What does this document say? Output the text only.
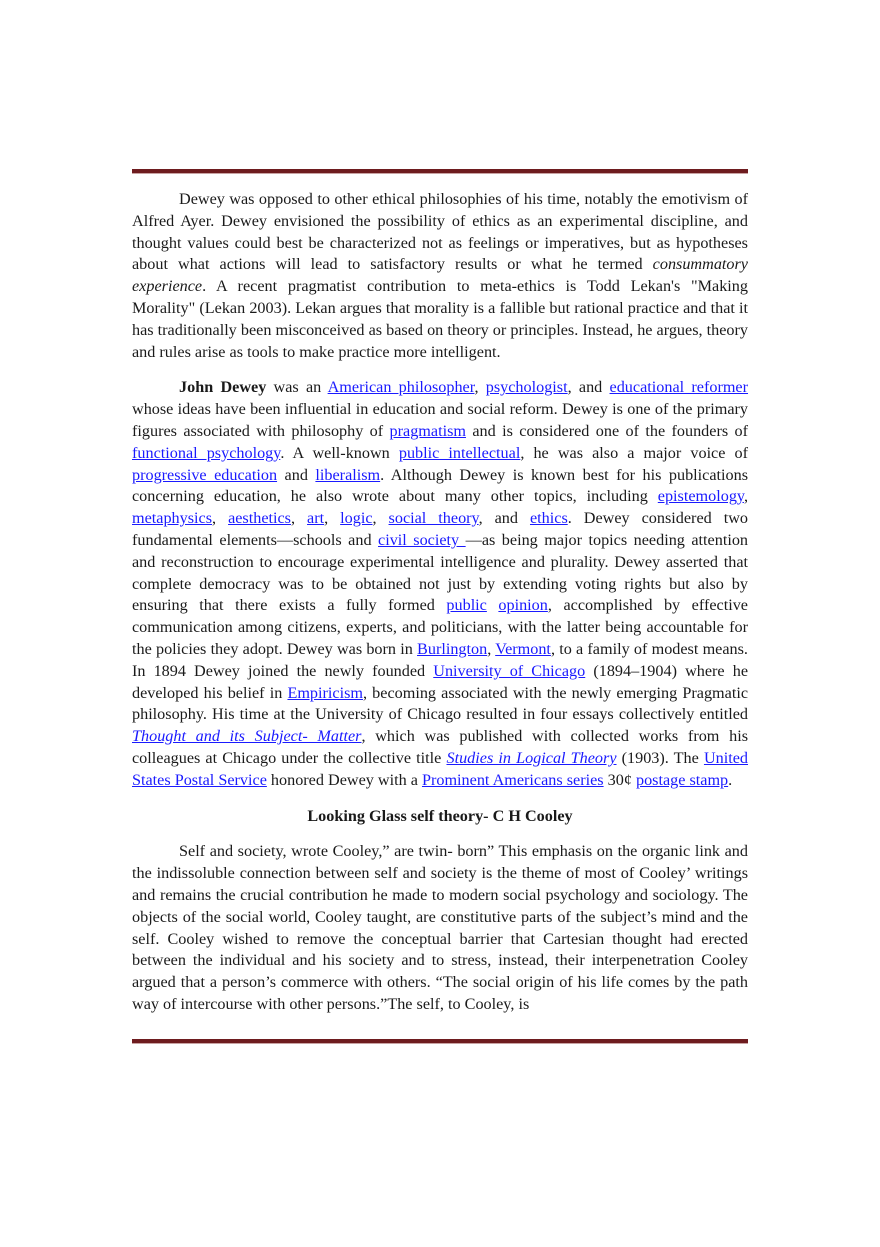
Dewey was opposed to other ethical philosophies of his time, notably the emotivism of Alfred Ayer. Dewey envisioned the possibility of ethics as an experimental discipline, and thought values could best be characterized not as feelings or imperatives, but as hypotheses about what actions will lead to satisfactory results or what he termed consummatory experience. A recent pragmatist contribution to meta-ethics is Todd Lekan's "Making Morality" (Lekan 2003). Lekan argues that morality is a fallible but rational practice and that it has traditionally been misconceived as based on theory or principles. Instead, he argues, theory and rules arise as tools to make practice more intelligent.

John Dewey was an American philosopher, psychologist, and educational reformer whose ideas have been influential in education and social reform. Dewey is one of the primary figures associated with philosophy of pragmatism and is considered one of the founders of functional psychology. A well-known public intellectual, he was also a major voice of progressive education and liberalism. Although Dewey is known best for his publications concerning education, he also wrote about many other topics, including epistemology, metaphysics, aesthetics, art, logic, social theory, and ethics. Dewey considered two fundamental elements—schools and civil society —as being major topics needing attention and reconstruction to encourage experimental intelligence and plurality. Dewey asserted that complete democracy was to be obtained not just by extending voting rights but also by ensuring that there exists a fully formed public opinion, accomplished by effective communication among citizens, experts, and politicians, with the latter being accountable for the policies they adopt. Dewey was born in Burlington, Vermont, to a family of modest means. In 1894 Dewey joined the newly founded University of Chicago (1894–1904) where he developed his belief in Empiricism, becoming associated with the newly emerging Pragmatic philosophy. His time at the University of Chicago resulted in four essays collectively entitled Thought and its Subject- Matter, which was published with collected works from his colleagues at Chicago under the collective title Studies in Logical Theory (1903). The United States Postal Service honored Dewey with a Prominent Americans series 30¢ postage stamp.

Looking Glass self theory- C H Cooley

Self and society, wrote Cooley,” are twin- born” This emphasis on the organic link and the indissoluble connection between self and society is the theme of most of Cooley’ writings and remains the crucial contribution he made to modern social psychology and sociology. The objects of the social world, Cooley taught, are constitutive parts of the subject’s mind and the self. Cooley wished to remove the conceptual barrier that Cartesian thought had erected between the individual and his society and to stress, instead, their interpenetration Cooley argued that a person’s commerce with others. “The social origin of his life comes by the path way of intercourse with other persons.”The self, to Cooley, is
